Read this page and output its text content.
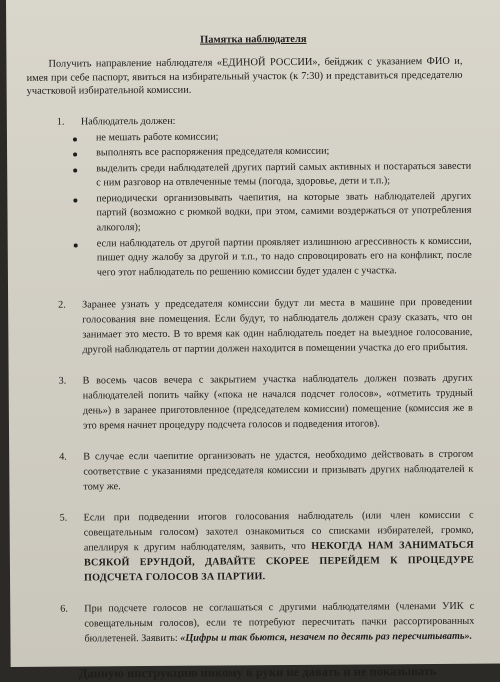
Памятка наблюдателя
Получить направление наблюдателя «ЕДИНОЙ РОССИИ», бейджик с указанием ФИО и, имея при себе паспорт, явиться на избирательный участок (к 7:30) и представиться председателю участковой избирательной комиссии.
1.	Наблюдатель должен:
не мешать работе комиссии;
выполнять все распоряжения председателя комиссии;
выделить среди наблюдателей других партий самых активных и постараться завести с ним разговор на отвлеченные темы (погода, здоровье, дети и т.п.);
периодически организовывать чаепития, на которые звать наблюдателей других партий (возможно с рюмкой водки, при этом, самими воздержаться от употребления алкоголя);
если наблюдатель от другой партии проявляет излишнюю агрессивность к комиссии, пишет одну жалобу за другой и т.п., то надо спровоцировать его на конфликт, после чего этот наблюдатель по решению комиссии будет удален с участка.
2.	Заранее узнать у председателя комиссии будут ли места в машине при проведении голосования вне помещения. Если будут, то наблюдатель должен сразу сказать, что он занимает это место. В то время как один наблюдатель поедет на выездное голосование, другой наблюдатель от партии должен находится в помещении участка до его прибытия.
3.	В восемь часов вечера с закрытием участка наблюдатель должен позвать других наблюдателей попить чайку («пока не начался подсчет голосов», «отметить трудный день») в заранее приготовленное (председателем комиссии) помещение (комиссия же в это время начнет процедуру подсчета голосов и подведения итогов).
4.	В случае если чаепитие организовать не удастся, необходимо действовать в строгом соответствие с указаниями председателя комиссии и призывать других наблюдателей к тому же.
5.	Если при подведении итогов голосования наблюдатель (или член комиссии с совещательным голосом) захотел ознакомиться со списками избирателей, громко, апеллируя к другим наблюдателям, заявить, что НЕКОГДА НАМ ЗАНИМАТЬСЯ ВСЯКОЙ ЕРУНДОЙ, ДАВАЙТЕ СКОРЕЕ ПЕРЕЙДЕМ К ПРОЦЕДУРЕ ПОДСЧЕТА ГОЛОСОВ ЗА ПАРТИИ.
6.	При подсчете голосов не соглашаться с другими наблюдателями (членами УИК с совещательным голосов), если те потребуют пересчитать пачки рассортированных бюллетеней. Заявить: «Цифры и так бьются, незачем по десять раз пересчитывать».
Данную инструкцию никому в руки не давать и не показывать
